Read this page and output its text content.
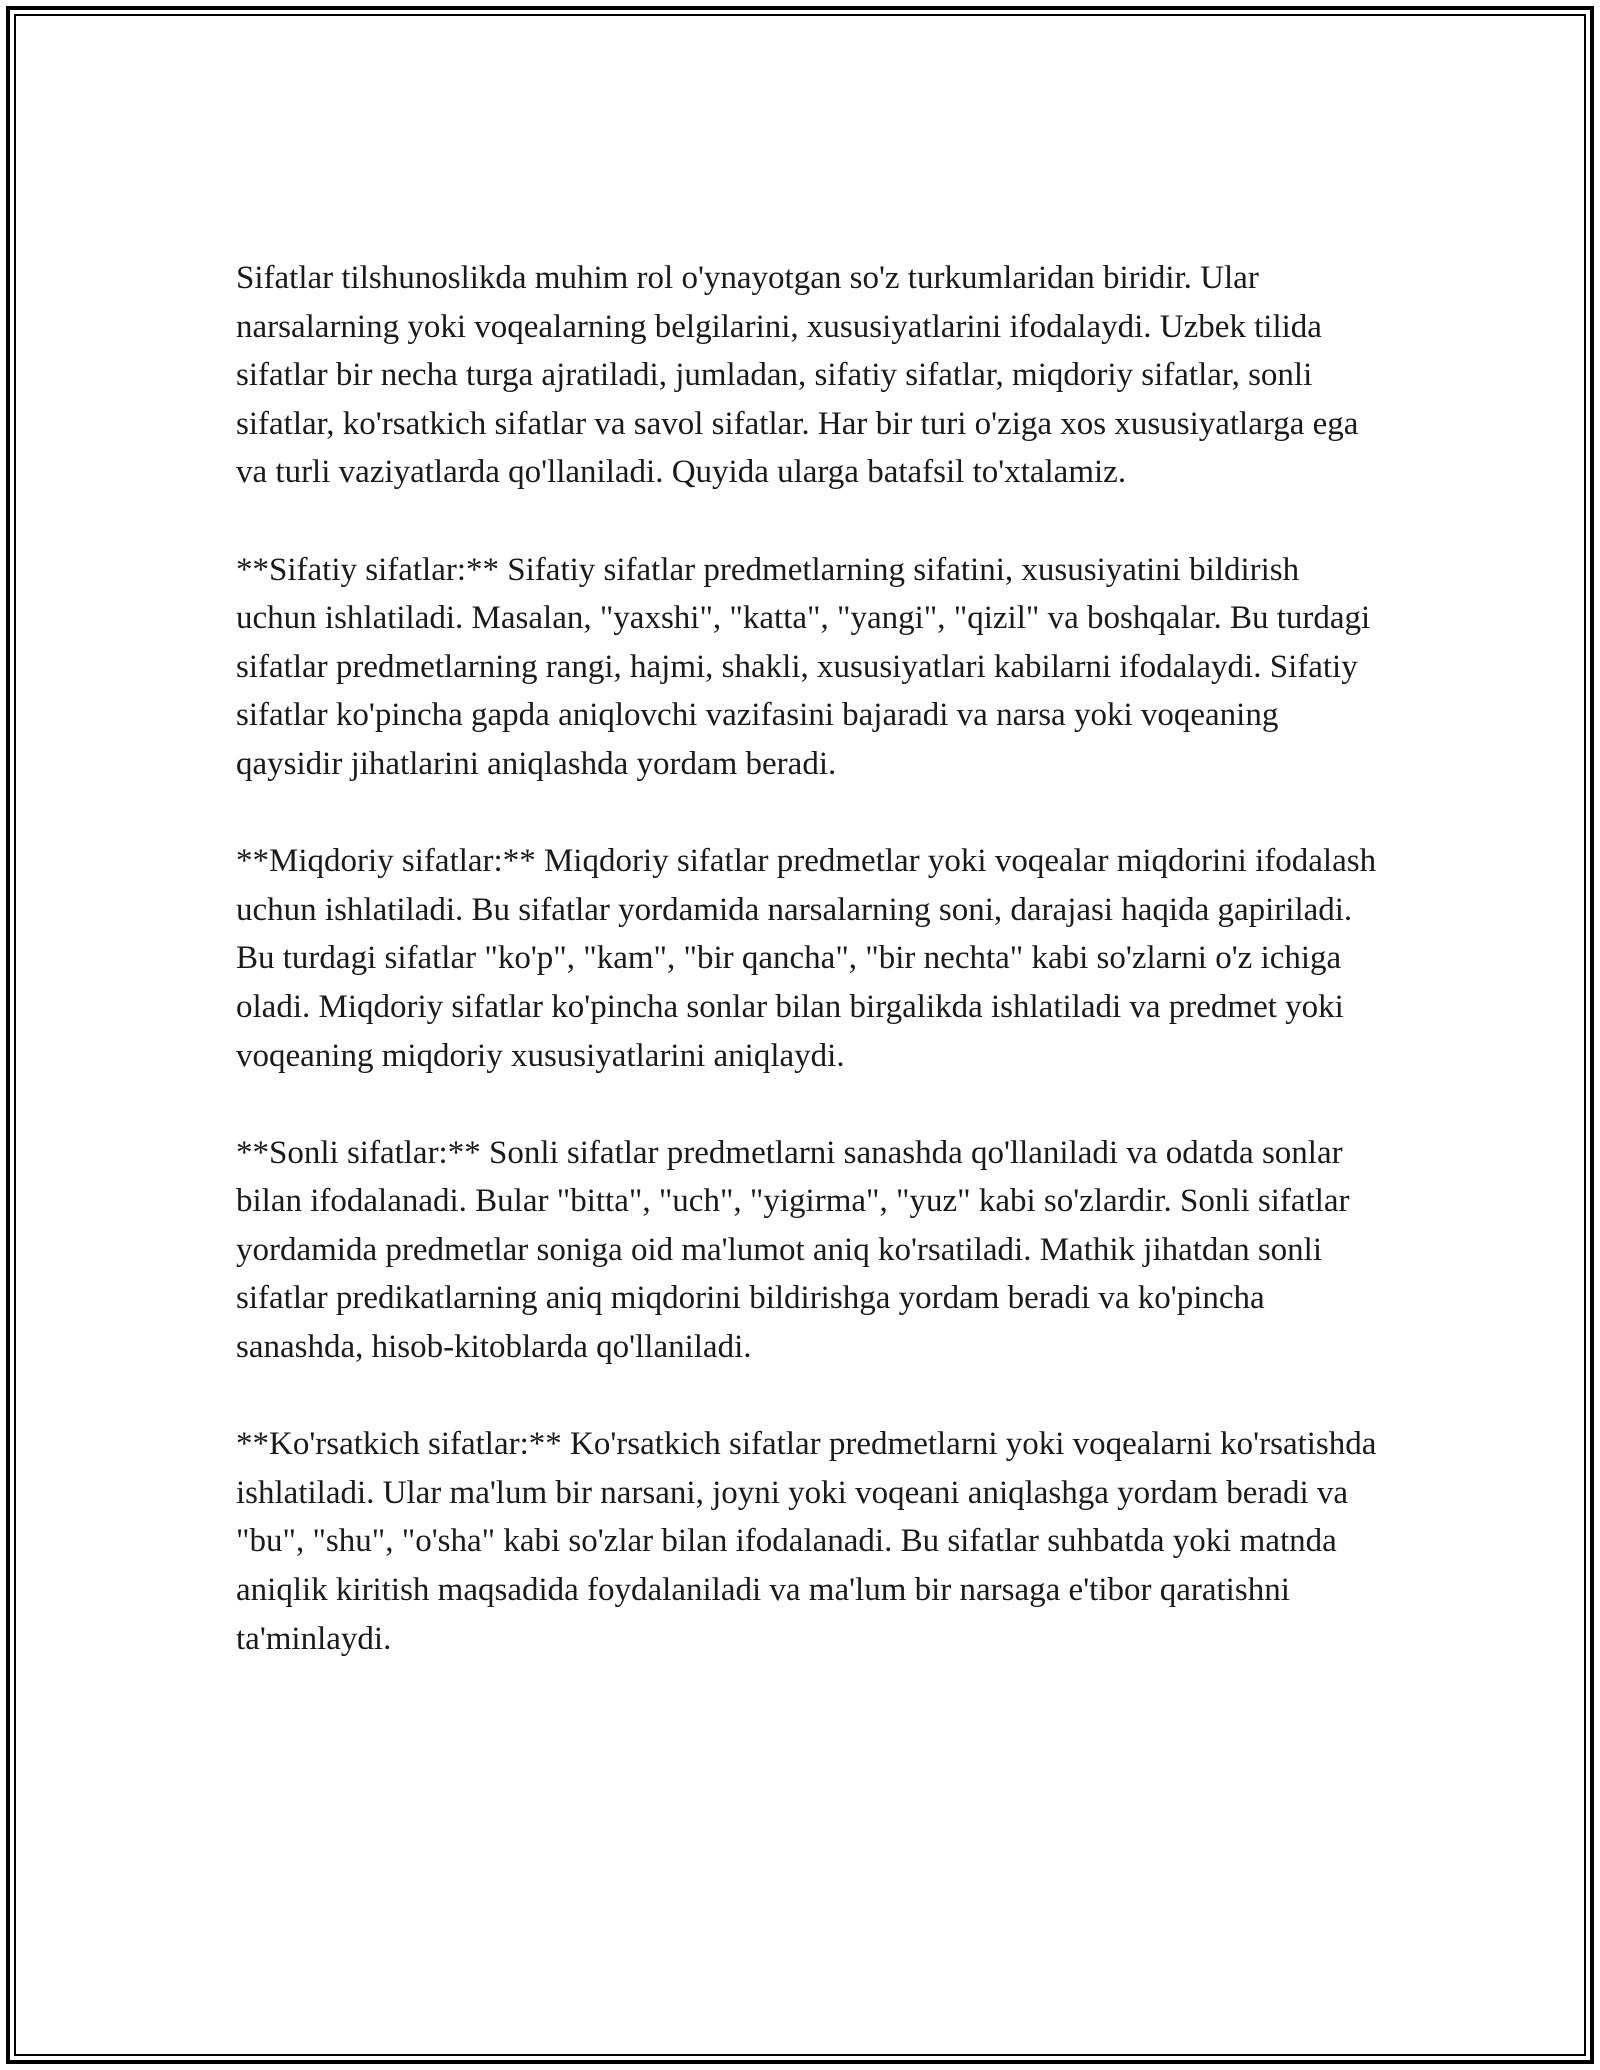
Sifatlar tilshunoslikda muhim rol o'ynayotgan so'z turkumlaridan biridir. Ular narsalarning yoki voqealarning belgilarini, xususiyatlarini ifodalaydi. Uzbek tilida sifatlar bir necha turga ajratiladi, jumladan, sifatiy sifatlar, miqdoriy sifatlar, sonli sifatlar, ko'rsatkich sifatlar va savol sifatlar. Har bir turi o'ziga xos xususiyatlarga ega va turli vaziyatlarda qo'llaniladi. Quyida ularga batafsil to'xtalamiz.

**Sifatiy sifatlar:** Sifatiy sifatlar predmetlarning sifatini, xususiyatini bildirish uchun ishlatiladi. Masalan, "yaxshi", "katta", "yangi", "qizil" va boshqalar. Bu turdagi sifatlar predmetlarning rangi, hajmi, shakli, xususiyatlari kabilarni ifodalaydi. Sifatiy sifatlar ko'pincha gapda aniqlovchi vazifasini bajaradi va narsa yoki voqeaning qaysidir jihatlarini aniqlashda yordam beradi.

**Miqdoriy sifatlar:** Miqdoriy sifatlar predmetlar yoki voqealar miqdorini ifodalash uchun ishlatiladi. Bu sifatlar yordamida narsalarning soni, darajasi haqida gapiriladi. Bu turdagi sifatlar "ko'p", "kam", "bir qancha", "bir nechta" kabi so'zlarni o'z ichiga oladi. Miqdoriy sifatlar ko'pincha sonlar bilan birgalikda ishlatiladi va predmet yoki voqeaning miqdoriy xususiyatlarini aniqlaydi.

**Sonli sifatlar:** Sonli sifatlar predmetlarni sanashda qo'llaniladi va odatda sonlar bilan ifodalanadi. Bular "bitta", "uch", "yigirma", "yuz" kabi so'zlardir. Sonli sifatlar yordamida predmetlar soniga oid ma'lumot aniq ko'rsatiladi. Mathik jihatdan sonli sifatlar predikatlarning aniq miqdorini bildirishga yordam beradi va ko'pincha sanashda, hisob-kitoblarda qo'llaniladi.

**Ko'rsatkich sifatlar:** Ko'rsatkich sifatlar predmetlarni yoki voqealarni ko'rsatishda ishlatiladi. Ular ma'lum bir narsani, joyni yoki voqeani aniqlashga yordam beradi va "bu", "shu", "o'sha" kabi so'zlar bilan ifodalanadi. Bu sifatlar suhbatda yoki matnda aniqlik kiritish maqsadida foydalaniladi va ma'lum bir narsaga e'tibor qaratishni ta'minlaydi.
